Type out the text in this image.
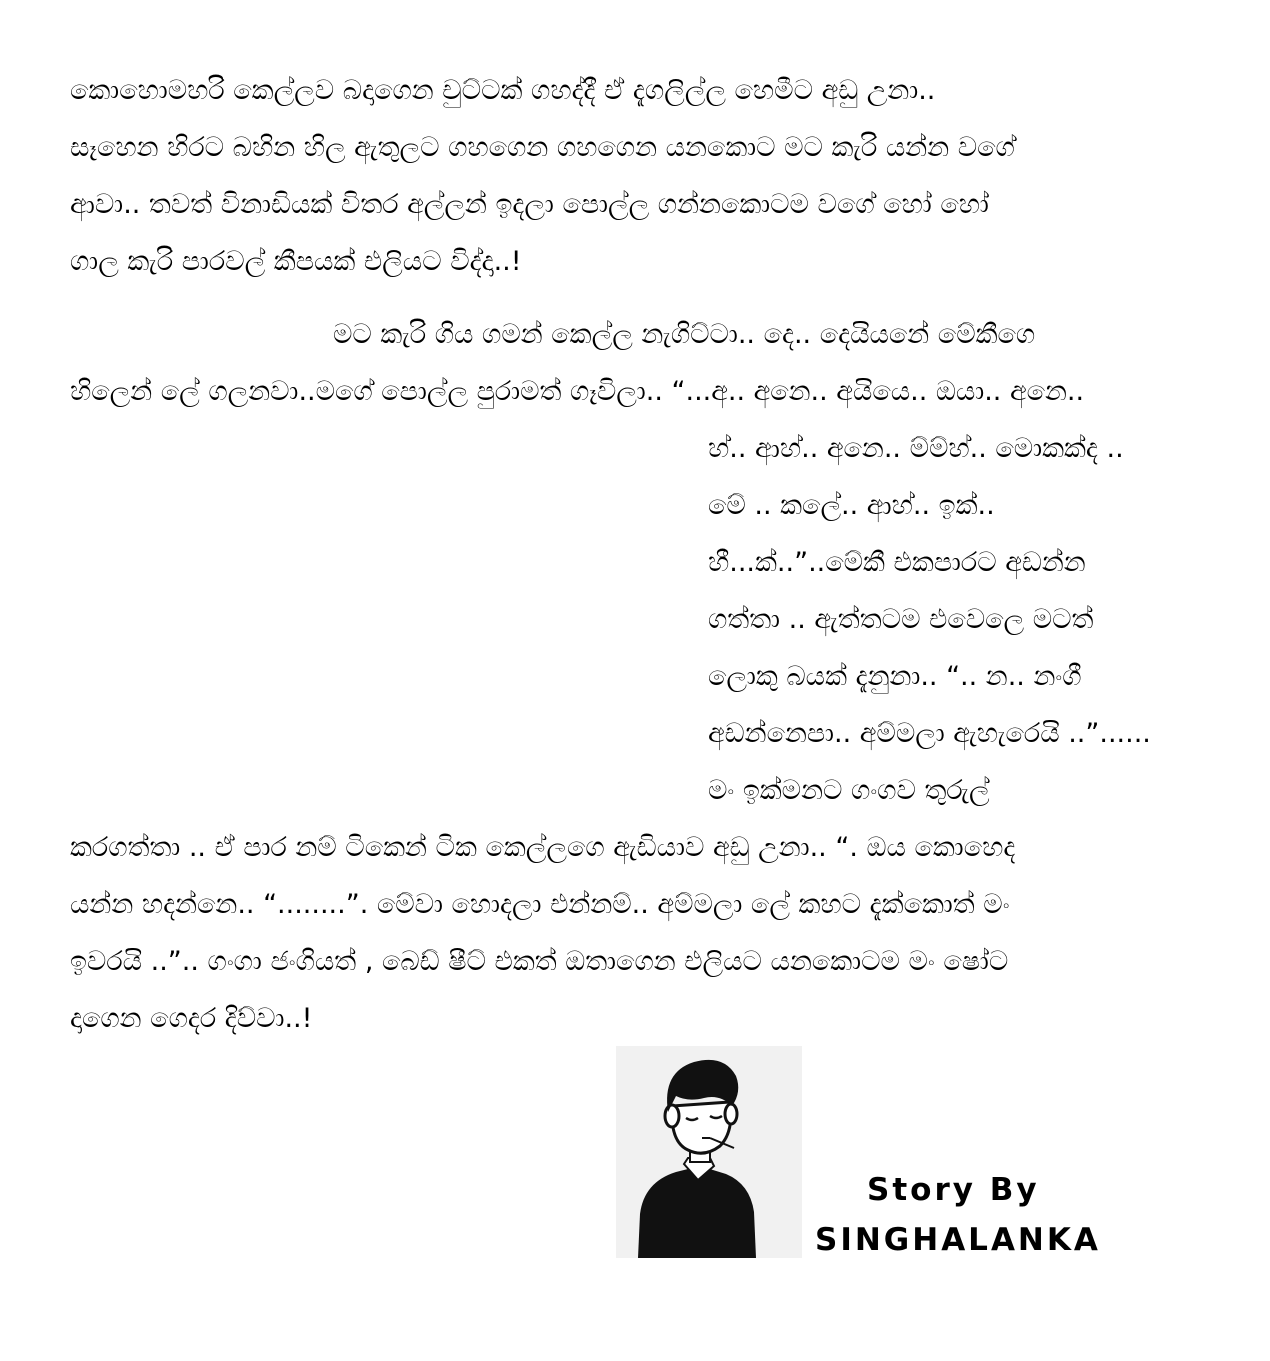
කොහොමහරි කෙල්ලව බදාගෙන චුට්ටක් ගහද්දී ඒ දැගලිල්ල හෙමීට අඩු උනා..
සෑහෙන හිරට බහින හිල ඇතුලට ගහගෙන ගහගෙන යනකොට මට කැරි යන්න වගේ
ආවා.. තවත් විනාඩියක් විතර අල්ලන් ඉදලා පොල්ල ගන්නකොටම වගේ හෝ හෝ
ගාල කැරි පාරවල් කීපයක් එලියට විද්දා..!
මට කැරි ගිය ගමන් කෙල්ල නැගිට්ටා.. දෙ.. දෙයියනේ මේකීගෙ
හිලෙන් ලේ ගලනවා..මගේ පොල්ල පුරාමත් ගෑවිලා.. “...අ.. අනෙ.. අයියෙ.. ඔයා.. අනෙ..
හ්.. ආහ්.. අනෙ.. ම්ම්හ්.. මොකක්ද ..
මේ .. කලේ.. ආහ්.. ඉක්..
හී...ක්..”..මේකී එකපාරට අඩන්න
ගත්තා .. ඇත්තටම එවෙලෙ මටත්
ලොකු බයක් දැනුනා.. “.. න.. නංගී
අඩන්නෙපා.. අම්මලා ඇහැරෙයි ..”......
මං ඉක්මනට ගංගව තුරුල්
කරගත්තා .. ඒ පාර නම් ටිකෙන් ටික කෙල්ලගෙ ඇඩියාව අඩු උනා.. “. ඔය කොහෙද
යන්න හදන්නෙ.. “........”. මේවා හොදලා එන්නම්.. අම්මලා ලේ කහට දැක්කොත් මං
ඉවරයි ..”.. ගංගා ජංගියත් , බෙඩ් ෂීට් එකත් ඔතාගෙන එලියට යනකොටම මං ෂෝට
දාගෙන ගෙදර දිව්වා..!
Story By
SINGHALANKA
